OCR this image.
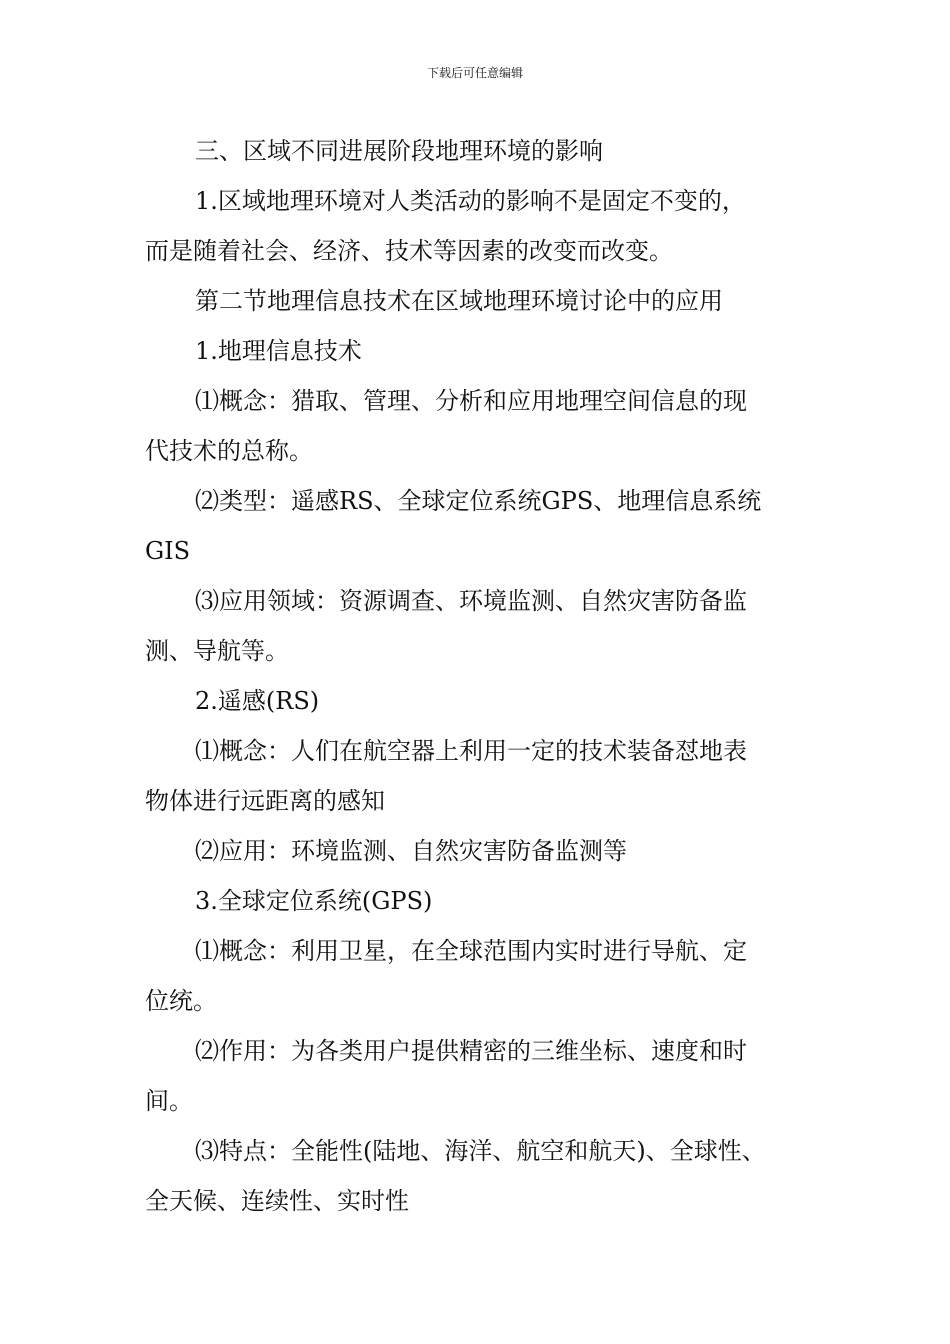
下载后可任意编辑

三、区域不同进展阶段地理环境的影响

1.区域地理环境对人类活动的影响不是固定不变的，

而是随着社会、经济、技术等因素的改变而改变。

第二节地理信息技术在区域地理环境讨论中的应用

1.地理信息技术

⑴概念：猎取、管理、分析和应用地理空间信息的现

代技术的总称。

⑵类型：遥感RS、全球定位系统GPS、地理信息系统

GIS

⑶应用领域：资源调查、环境监测、自然灾害防备监

测、导航等。

2.遥感(RS)

⑴概念：人们在航空器上利用一定的技术装备怼地表

物体进行远距离的感知

⑵应用：环境监测、自然灾害防备监测等

3.全球定位系统(GPS)

⑴概念：利用卫星，在全球范围内实时进行导航、定

位统。

⑵作用：为各类用户提供精密的三维坐标、速度和时

间。

⑶特点：全能性(陆地、海洋、航空和航天)、全球性、

全天候、连续性、实时性
